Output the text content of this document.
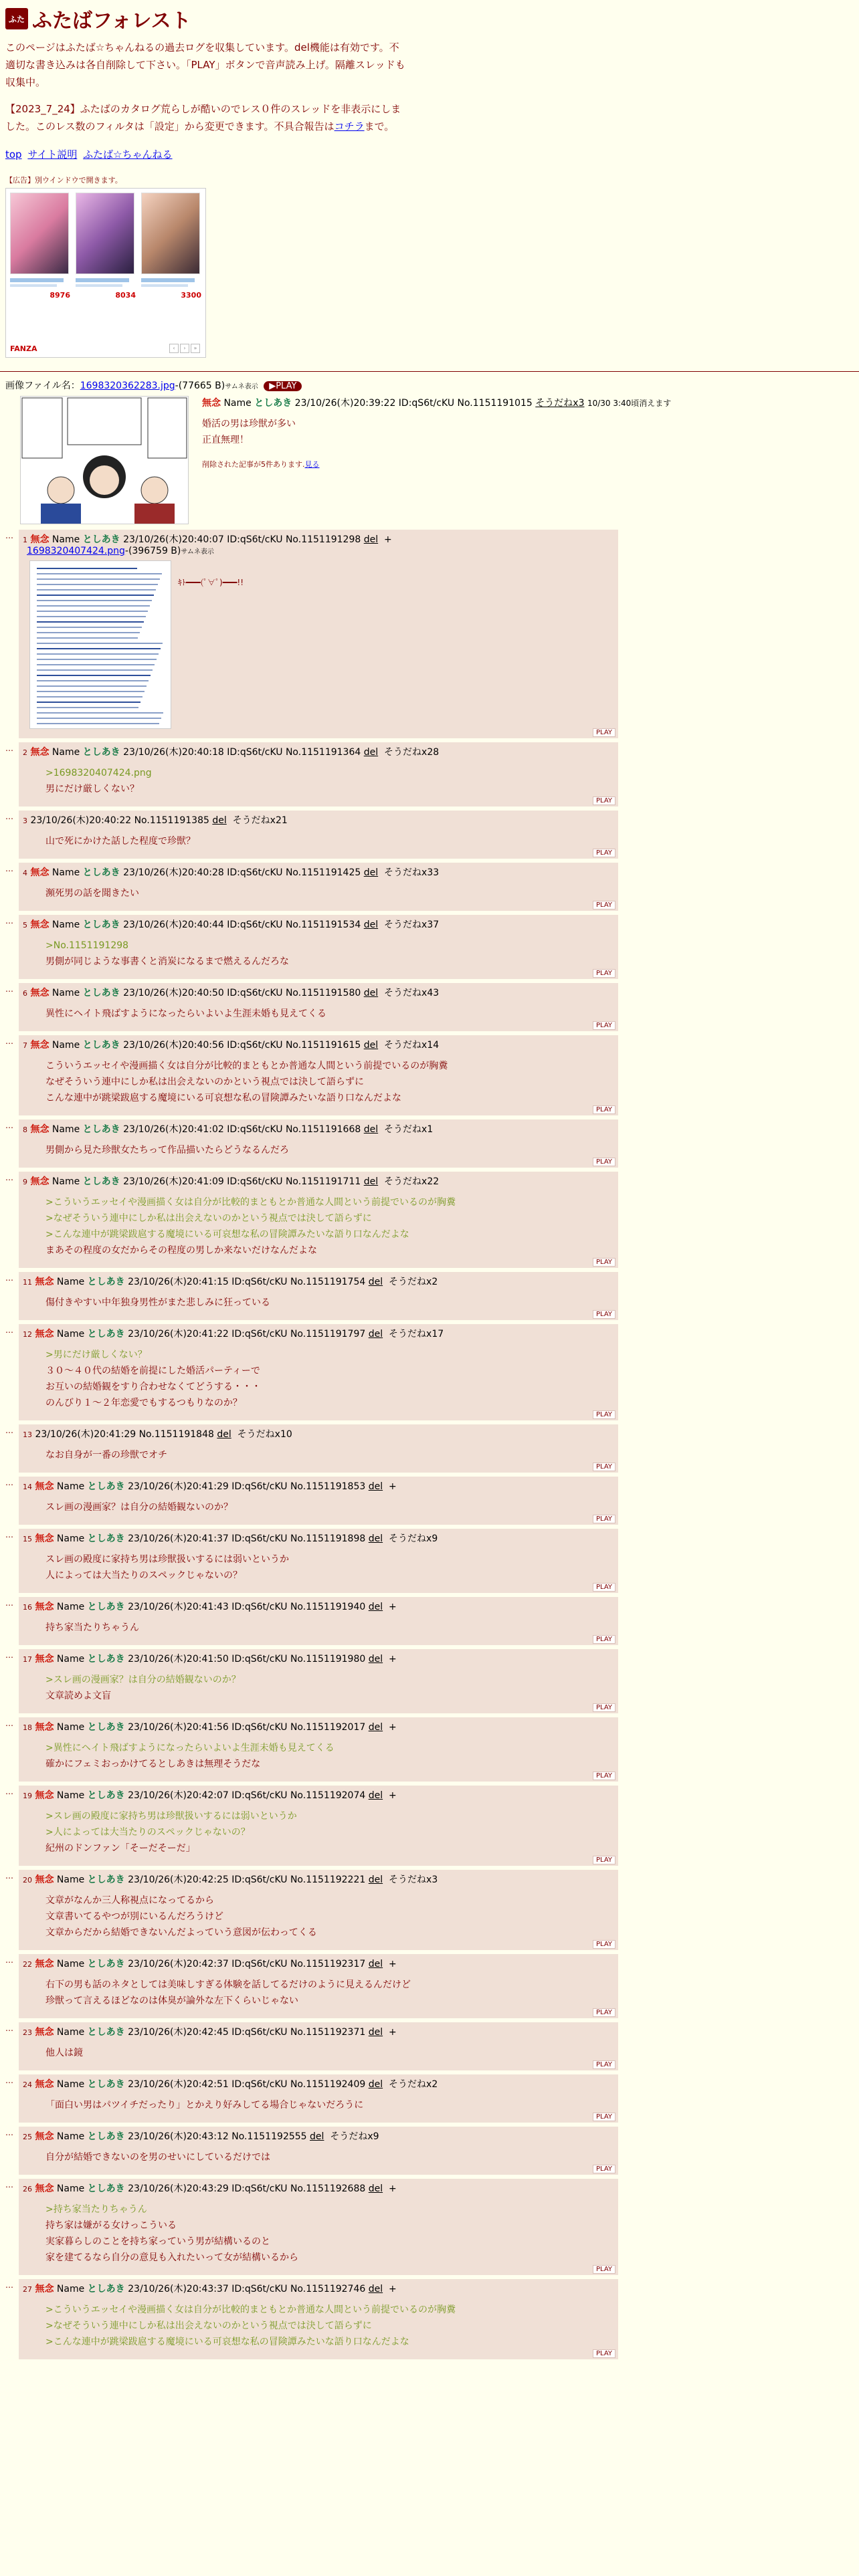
ふた ふたばフォレスト
このページはふたば☆ちゃんねるの過去ログを収集しています。del機能は有効です。不適切な書き込みは各自削除して下さい。「PLAY」ボタンで音声読み上げ。隔離スレッドも収集中。
【2023_7_24】ふたばのカタログ荒らしが酷いのでレス０件のスレッドを非表示にしました。このレス数のフィルタは「設定」から変更できます。不具合報告はコチラまで。
top サイト説明 ふたば☆ちゃんねる
【広告】別ウインドウで開きます。
8976	8034	3300
FANZA	‹	›	»
画像ファイル名：1698320362283.jpg-(77665 B)サムネ表示 ▶PLAY
無念 Name としあき 23/10/26(木)20:39:22 ID:qS6t/cKU No.1151191015 そうだねx3 10/30 3:40頃消えます
婚活の男は珍獣が多い
正直無理！
削除された記事が5件あります.見る
…	1 無念 Name としあき 23/10/26(木)20:40:07 ID:qS6t/cKU No.1151191298 del +
1698320407424.png-(396759 B)サムネ表示
ｷﾄ━━━(ﾟ∀ﾟ)━━━!!
PLAY
…	2 無念 Name としあき 23/10/26(木)20:40:18 ID:qS6t/cKU No.1151191364 del そうだねx28
>1698320407424.png
男にだけ厳しくない？
PLAY
…	3 23/10/26(木)20:40:22 No.1151191385 del そうだねx21
山で死にかけた話した程度で珍獣？
PLAY
…	4 無念 Name としあき 23/10/26(木)20:40:28 ID:qS6t/cKU No.1151191425 del そうだねx33
瀕死男の話を聞きたい
PLAY
…	5 無念 Name としあき 23/10/26(木)20:40:44 ID:qS6t/cKU No.1151191534 del そうだねx37
>No.1151191298
男側が同じような事書くと消炭になるまで燃えるんだろな
PLAY
…	6 無念 Name としあき 23/10/26(木)20:40:50 ID:qS6t/cKU No.1151191580 del そうだねx43
異性にヘイト飛ばすようになったらいよいよ生涯未婚も見えてくる
PLAY
…	7 無念 Name としあき 23/10/26(木)20:40:56 ID:qS6t/cKU No.1151191615 del そうだねx14
こういうエッセイや漫画描く女は自分が比較的まともとか普通な人間という前提でいるのが胸糞
なぜそういう連中にしか私は出会えないのかという視点では決して語らずに
こんな連中が跳梁跋扈する魔境にいる可哀想な私の冒険譚みたいな語り口なんだよな
PLAY
…	8 無念 Name としあき 23/10/26(木)20:41:02 ID:qS6t/cKU No.1151191668 del そうだねx1
男側から見た珍獣女たちって作品描いたらどうなるんだろ
PLAY
…	9 無念 Name としあき 23/10/26(木)20:41:09 ID:qS6t/cKU No.1151191711 del そうだねx22
>こういうエッセイや漫画描く女は自分が比較的まともとか普通な人間という前提でいるのが胸糞
>なぜそういう連中にしか私は出会えないのかという視点では決して語らずに
>こんな連中が跳梁跋扈する魔境にいる可哀想な私の冒険譚みたいな語り口なんだよな
まあその程度の女だからその程度の男しか来ないだけなんだよな
PLAY
…	11 無念 Name としあき 23/10/26(木)20:41:15 ID:qS6t/cKU No.1151191754 del そうだねx2
傷付きやすい中年独身男性がまた悲しみに狂っている
PLAY
…	12 無念 Name としあき 23/10/26(木)20:41:22 ID:qS6t/cKU No.1151191797 del そうだねx17
>男にだけ厳しくない？
３０～４０代の結婚を前提にした婚活パーティーで
お互いの結婚観をすり合わせなくてどうする・・・
のんびり１～２年恋愛でもするつもりなのか？
PLAY
…	13 23/10/26(木)20:41:29 No.1151191848 del そうだねx10
なお自身が一番の珍獣でオチ
PLAY
…	14 無念 Name としあき 23/10/26(木)20:41:29 ID:qS6t/cKU No.1151191853 del +
スレ画の漫画家？は自分の結婚観ないのか？
PLAY
…	15 無念 Name としあき 23/10/26(木)20:41:37 ID:qS6t/cKU No.1151191898 del そうだねx9
スレ画の殿度に家持ち男は珍獣扱いするには弱いというか
人によっては大当たりのスペックじゃないの？
PLAY
…	16 無念 Name としあき 23/10/26(木)20:41:43 ID:qS6t/cKU No.1151191940 del +
持ち家当たりちゃうん
PLAY
…	17 無念 Name としあき 23/10/26(木)20:41:50 ID:qS6t/cKU No.1151191980 del +
>スレ画の漫画家？は自分の結婚観ないのか？
文章読めよ文盲
PLAY
…	18 無念 Name としあき 23/10/26(木)20:41:56 ID:qS6t/cKU No.1151192017 del +
>異性にヘイト飛ばすようになったらいよいよ生涯未婚も見えてくる
確かにフェミおっかけてるとしあきは無理そうだな
PLAY
…	19 無念 Name としあき 23/10/26(木)20:42:07 ID:qS6t/cKU No.1151192074 del +
>スレ画の殿度に家持ち男は珍獣扱いするには弱いというか
>人によっては大当たりのスペックじゃないの？
紀州のドンファン「そーだそーだ」
PLAY
…	20 無念 Name としあき 23/10/26(木)20:42:25 ID:qS6t/cKU No.1151192221 del そうだねx3
文章がなんか三人称視点になってるから
文章書いてるやつが別にいるんだろうけど
文章からだから結婚できないんだよっていう意図が伝わってくる
PLAY
…	22 無念 Name としあき 23/10/26(木)20:42:37 ID:qS6t/cKU No.1151192317 del +
右下の男も話のネタとしては美味しすぎる体験を話してるだけのように見えるんだけど
珍獣って言えるほどなのは体臭が論外な左下くらいじゃない
PLAY
…	23 無念 Name としあき 23/10/26(木)20:42:45 ID:qS6t/cKU No.1151192371 del +
他人は鏡
PLAY
…	24 無念 Name としあき 23/10/26(木)20:42:51 ID:qS6t/cKU No.1151192409 del そうだねx2
「面白い男はパツイチだったり」とかえり好みしてる場合じゃないだろうに
PLAY
…	25 無念 Name としあき 23/10/26(木)20:43:12 No.1151192555 del そうだねx9
自分が結婚できないのを男のせいにしているだけでは
PLAY
…	26 無念 Name としあき 23/10/26(木)20:43:29 ID:qS6t/cKU No.1151192688 del +
>持ち家当たりちゃうん
持ち家は嫌がる女けっこういる
実家暮らしのことを持ち家っていう男が結構いるのと
家を建てるなら自分の意見も入れたいって女が結構いるから
PLAY
…	27 無念 Name としあき 23/10/26(木)20:43:37 ID:qS6t/cKU No.1151192746 del +
>こういうエッセイや漫画描く女は自分が比較的まともとか普通な人間という前提でいるのが胸糞
>なぜそういう連中にしか私は出会えないのかという視点では決して語らずに
>こんな連中が跳梁跋扈する魔境にいる可哀想な私の冒険譚みたいな語り口なんだよな
PLAY
